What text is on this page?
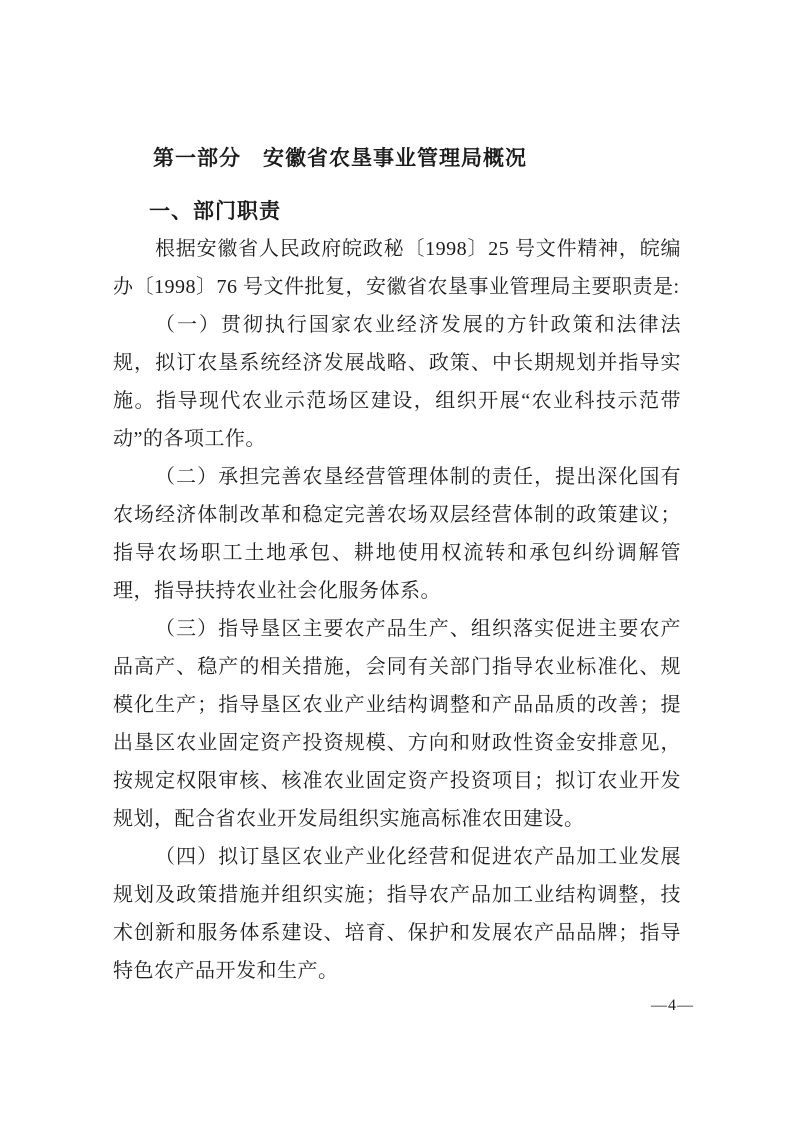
第一部分　安徽省农垦事业管理局概况
一、部门职责

根据安徽省人民政府皖政秘〔1998〕25 号文件精神，皖编办〔1998〕76 号文件批复，安徽省农垦事业管理局主要职责是:

（一）贯彻执行国家农业经济发展的方针政策和法律法规，拟订农垦系统经济发展战略、政策、中长期规划并指导实施。指导现代农业示范场区建设，组织开展“农业科技示范带动”的各项工作。

（二）承担完善农垦经营管理体制的责任，提出深化国有农场经济体制改革和稳定完善农场双层经营体制的政策建议；指导农场职工土地承包、耕地使用权流转和承包纠纷调解管理，指导扶持农业社会化服务体系。

（三）指导垦区主要农产品生产、组织落实促进主要农产品高产、稳产的相关措施，会同有关部门指导农业标准化、规模化生产；指导垦区农业产业结构调整和产品品质的改善；提出垦区农业固定资产投资规模、方向和财政性资金安排意见，按规定权限审核、核准农业固定资产投资项目；拟订农业开发规划，配合省农业开发局组织实施高标准农田建设。

（四）拟订垦区农业产业化经营和促进农产品加工业发展规划及政策措施并组织实施；指导农产品加工业结构调整，技术创新和服务体系建设、培育、保护和发展农产品品牌；指导特色农产品开发和生产。

—4—
